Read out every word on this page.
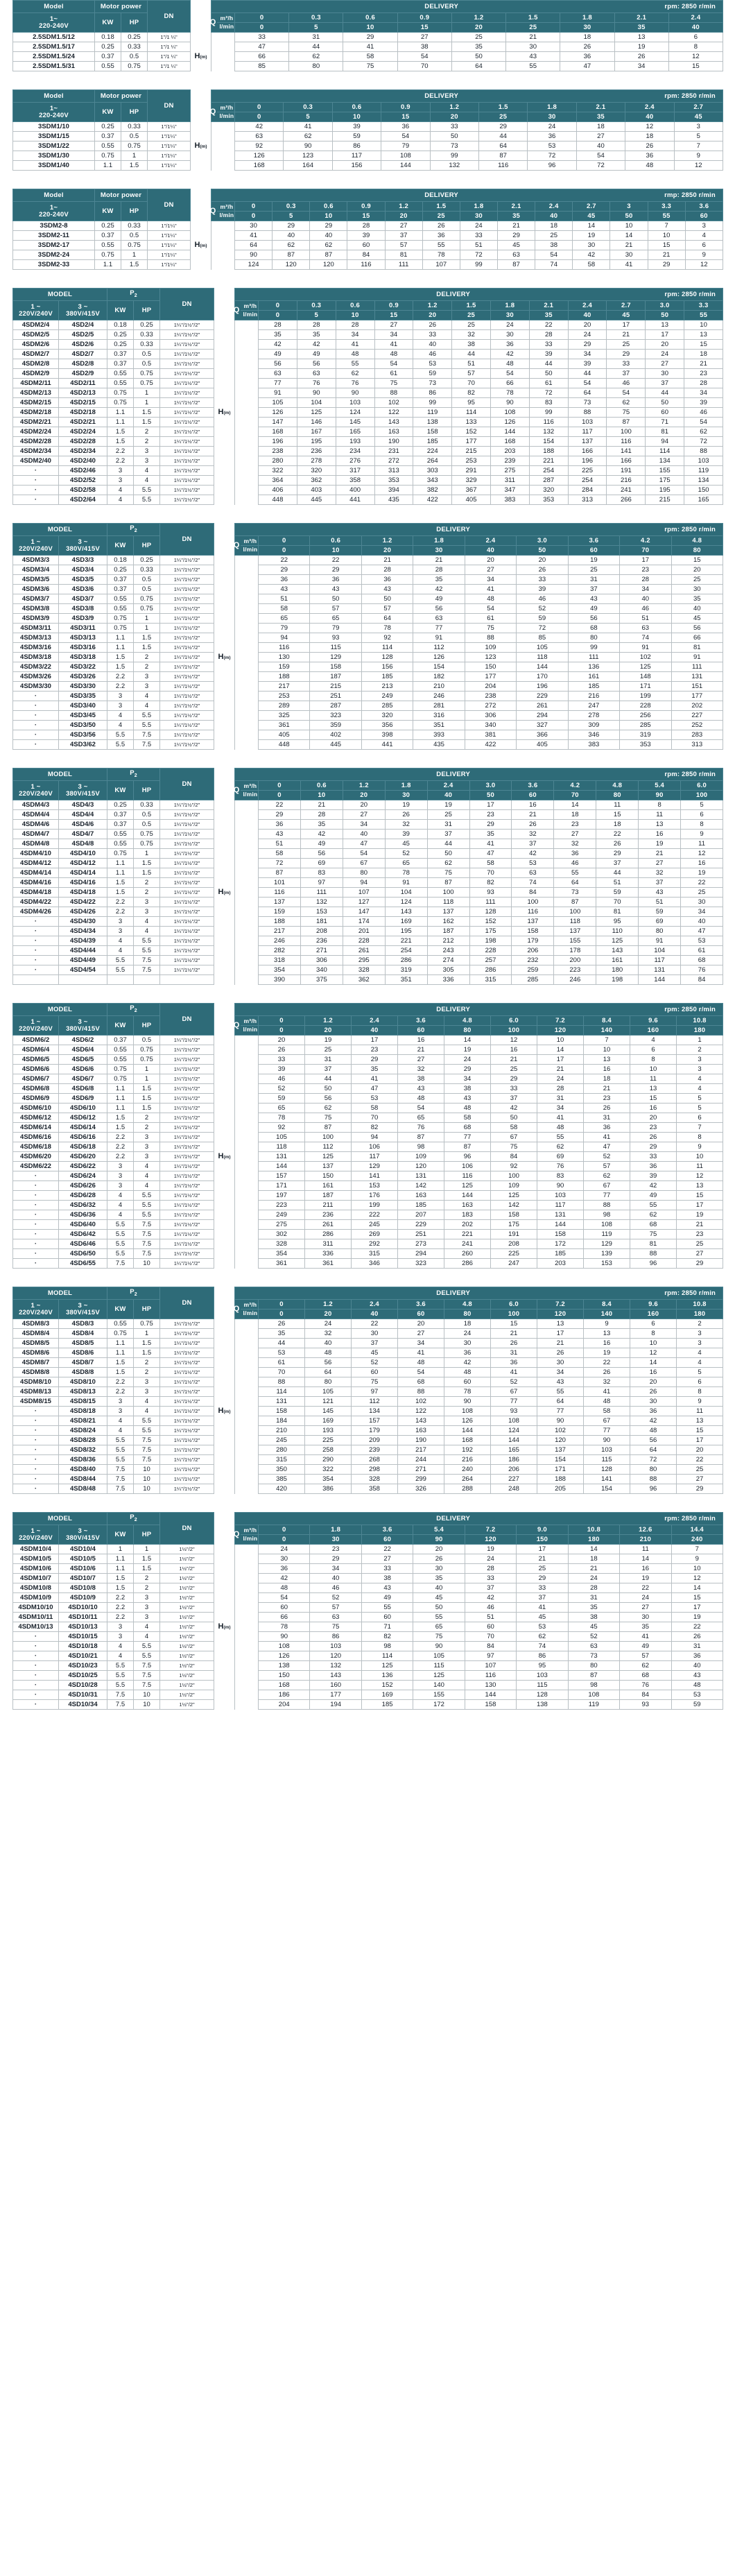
Model	Motor power		DN		DELIVERY rpm: 2850 r/min									

1~
220-240V	KW	HP			Q m³/h
l/min	0	0.3	0.6	0.9	1.2	1.5	1.8	2.1	2.4
						0	5	10	15	20	25	30	35	40
2.5SDM1.5/12	0.18	0.25	1"/1 ¼"			33	31	29	27	25	21	18	13	6
2.5SDM1.5/17	0.25	0.33	1"/1 ¼"			47	44	41	38	35	30	26	19	8
2.5SDM1.5/24	0.37	0.5	1"/1 ¼"	H(m)		66	62	58	54	50	43	36	26	12
2.5SDM1.5/31	0.55	0.75	1"/1 ¼"			85	80	75	70	64	55	47	34	15
Model	Motor power		DN		DELIVERY rpm: 2850 r/min										

1~
220-240V	KW	HP			Q m³/h
l/min	0	0.3	0.6	0.9	1.2	1.5	1.8	2.1	2.4	2.7
						0	5	10	15	20	25	30	35	40	45
3SDM1/10	0.25	0.33	1"/1¼"			42	41	39	36	33	29	24	18	12	3
3SDM1/15	0.37	0.5	1"/1¼"			63	62	59	54	50	44	36	27	18	5
3SDM1/22	0.55	0.75	1"/1¼"	H(m)		92	90	86	79	73	64	53	40	26	7
3SDM1/30	0.75	1	1"/1¼"			126	123	117	108	99	87	72	54	36	9
3SDM1/40	1.1	1.5	1"/1¼"			168	164	156	144	132	116	96	72	48	12
Model	Motor power		DN		DELIVERY rmp: 2850 r/min													

1~
220-240V	KW	HP			Q m³/h
l/min	0	0.3	0.6	0.9	1.2	1.5	1.8	2.1	2.4	2.7	3	3.3	3.6
						0	5	10	15	20	25	30	35	40	45	50	55	60
3SDM2-8	0.25	0.33	1"/1¼"			30	29	29	28	27	26	24	21	18	14	10	7	3
3SDM2-11	0.37	0.5	1"/1¼"			41	40	40	39	37	36	33	29	25	19	14	10	4
3SDM2-17	0.55	0.75	1"/1¼"	H(m)		64	62	62	60	57	55	51	45	38	30	21	15	6
3SDM2-24	0.75	1	1"/1¼"			90	87	87	84	81	78	72	63	54	42	30	21	9
3SDM2-33	1.1	1.5	1"/1¼"			124	120	120	116	111	107	99	87	74	58	41	29	12
MODEL		$P_2$		DN		DELIVERY rpm: 2850 r/min												

1 ~
220V/240V	3 ~
380V/415V	KW	HP			Q m³/h
l/min	0	0.3	0.6	0.9	1.2	1.5	1.8	2.1	2.4	2.7	3.0	3.3
							0	5	10	15	20	25	30	35	40	45	50	55
4SDM2/4	4SD2/4	0.18	0.25	1¼"/1½"/2"			28	28	28	27	26	25	24	22	20	17	13	10
4SDM2/5	4SD2/5	0.25	0.33	1¼"/1½"/2"			35	35	34	34	33	32	30	28	24	21	17	13
4SDM2/6	4SD2/6	0.25	0.33	1¼"/1½"/2"			42	42	41	41	40	38	36	33	29	25	20	15
4SDM2/7	4SD2/7	0.37	0.5	1¼"/1½"/2"			49	49	48	48	46	44	42	39	34	29	24	18
4SDM2/8	4SD2/8	0.37	0.5	1¼"/1½"/2"			56	56	55	54	53	51	48	44	39	33	27	21
4SDM2/9	4SD2/9	0.55	0.75	1¼"/1½"/2"			63	63	62	61	59	57	54	50	44	37	30	23
4SDM2/11	4SD2/11	0.55	0.75	1¼"/1½"/2"			77	76	76	75	73	70	66	61	54	46	37	28
4SDM2/13	4SD2/13	0.75	1	1¼"/1½"/2"			91	90	90	88	86	82	78	72	64	54	44	34
4SDM2/15	4SD2/15	0.75	1	1¼"/1½"/2"			105	104	103	102	99	95	90	83	73	62	50	39
4SDM2/18	4SD2/18	1.1	1.5	1¼"/1½"/2"	H(m)		126	125	124	122	119	114	108	99	88	75	60	46
4SDM2/21	4SD2/21	1.1	1.5	1¼"/1½"/2"			147	146	145	143	138	133	126	116	103	87	71	54
4SDM2/24	4SD2/24	1.5	2	1¼"/1½"/2"			168	167	165	163	158	152	144	132	117	100	81	62
4SDM2/28	4SD2/28	1.5	2	1¼"/1½"/2"			196	195	193	190	185	177	168	154	137	116	94	72
4SDM2/34	4SD2/34	2.2	3	1¼"/1½"/2"			238	236	234	231	224	215	203	188	166	141	114	88
4SDM2/40	4SD2/40	2.2	3	1¼"/1½"/2"			280	278	276	272	264	253	239	221	196	166	134	103
·	4SD2/46	3	4	1¼"/1½"/2"			322	320	317	313	303	291	275	254	225	191	155	119
·	4SD2/52	3	4	1¼"/1½"/2"			364	362	358	353	343	329	311	287	254	216	175	134
·	4SD2/58	4	5.5	1¼"/1½"/2"			406	403	400	394	382	367	347	320	284	241	195	150
·	4SD2/64	4	5.5	1¼"/1½"/2"			448	445	441	435	422	405	383	353	313	266	215	165
MODEL		$P_2$		DN		DELIVERY rpm: 2850 r/min									

1 ~
220V/240V	3 ~
380V/415V	KW	HP			Q m³/h
l/min	0	0.6	1.2	1.8	2.4	3.0	3.6	4.2	4.8
							0	10	20	30	40	50	60	70	80
4SDM3/3	4SD3/3	0.18	0.25	1¼"/1½"/2"			22	22	21	21	20	20	19	17	15
4SDM3/4	4SD3/4	0.25	0.33	1¼"/1½"/2"			29	29	28	28	27	26	25	23	20
4SDM3/5	4SD3/5	0.37	0.5	1¼"/1½"/2"			36	36	36	35	34	33	31	28	25
4SDM3/6	4SD3/6	0.37	0.5	1¼"/1½"/2"			43	43	43	42	41	39	37	34	30
4SDM3/7	4SD3/7	0.55	0.75	1¼"/1½"/2"			51	50	50	49	48	46	43	40	35
4SDM3/8	4SD3/8	0.55	0.75	1¼"/1½"/2"			58	57	57	56	54	52	49	46	40
4SDM3/9	4SD3/9	0.75	1	1¼"/1½"/2"			65	65	64	63	61	59	56	51	45
4SDM3/11	4SD3/11	0.75	1	1¼"/1½"/2"			79	79	78	77	75	72	68	63	56
4SDM3/13	4SD3/13	1.1	1.5	1¼"/1½"/2"			94	93	92	91	88	85	80	74	66
4SDM3/16	4SD3/16	1.1	1.5	1¼"/1½"/2"			116	115	114	112	109	105	99	91	81
4SDM3/18	4SD3/18	1.5	2	1¼"/1½"/2"	H(m)		130	129	128	126	123	118	111	102	91
4SDM3/22	4SD3/22	1.5	2	1¼"/1½"/2"			159	158	156	154	150	144	136	125	111
4SDM3/26	4SD3/26	2.2	3	1¼"/1½"/2"			188	187	185	182	177	170	161	148	131
4SDM3/30	4SD3/30	2.2	3	1¼"/1½"/2"			217	215	213	210	204	196	185	171	151
·	4SD3/35	3	4	1¼"/1½"/2"			253	251	249	246	238	229	216	199	177
·	4SD3/40	3	4	1¼"/1½"/2"			289	287	285	281	272	261	247	228	202
·	4SD3/45	4	5.5	1¼"/1½"/2"			325	323	320	316	306	294	278	256	227
·	4SD3/50	4	5.5	1¼"/1½"/2"			361	359	356	351	340	327	309	285	252
·	4SD3/56	5.5	7.5	1¼"/1½"/2"			405	402	398	393	381	366	346	319	283
·	4SD3/62	5.5	7.5	1¼"/1½"/2"			448	445	441	435	422	405	383	353	313
MODEL		$P_2$		DN		DELIVERY rpm: 2850 r/min											

1 ~
220V/240V	3 ~
380V/415V	KW	HP			Q m³/h
l/min	0	0.6	1.2	1.8	2.4	3.0	3.6	4.2	4.8	5.4	6.0
							0	10	20	30	40	50	60	70	80	90	100
4SDM4/3	4SD4/3	0.25	0.33	1¼"/1½"/2"			22	21	20	19	19	17	16	14	11	8	5
4SDM4/4	4SD4/4	0.37	0.5	1¼"/1½"/2"			29	28	27	26	25	23	21	18	15	11	6
4SDM4/6	4SD4/6	0.37	0.5	1¼"/1½"/2"			36	35	34	32	31	29	26	23	18	13	8
4SDM4/7	4SD4/7	0.55	0.75	1¼"/1½"/2"			43	42	40	39	37	35	32	27	22	16	9
4SDM4/8	4SD4/8	0.55	0.75	1¼"/1½"/2"			51	49	47	45	44	41	37	32	26	19	11
4SDM4/10	4SD4/10	0.75	1	1¼"/1½"/2"			58	56	54	52	50	47	42	36	29	21	12
4SDM4/12	4SD4/12	1.1	1.5	1¼"/1½"/2"			72	69	67	65	62	58	53	46	37	27	16
4SDM4/14	4SD4/14	1.1	1.5	1¼"/1½"/2"			87	83	80	78	75	70	63	55	44	32	19
4SDM4/16	4SD4/16	1.5	2	1¼"/1½"/2"			101	97	94	91	87	82	74	64	51	37	22
4SDM4/18	4SD4/18	1.5	2	1¼"/1½"/2"	H(m)		116	111	107	104	100	93	84	73	59	43	25
4SDM4/22	4SD4/22	2.2	3	1¼"/1½"/2"			137	132	127	124	118	111	100	87	70	51	30
4SDM4/26	4SD4/26	2.2	3	1¼"/1½"/2"			159	153	147	143	137	128	116	100	81	59	34
·	4SD4/30	3	4	1¼"/1½"/2"			188	181	174	169	162	152	137	118	95	69	40
·	4SD4/34	3	4	1¼"/1½"/2"			217	208	201	195	187	175	158	137	110	80	47
·	4SD4/39	4	5.5	1¼"/1½"/2"			246	236	228	221	212	198	179	155	125	91	53
·	4SD4/44	4	5.5	1¼"/1½"/2"			282	271	261	254	243	228	206	178	143	104	61
·	4SD4/49	5.5	7.5	1¼"/1½"/2"			318	306	295	286	274	257	232	200	161	117	68
·	4SD4/54	5.5	7.5	1¼"/1½"/2"			354	340	328	319	305	286	259	223	180	131	76
							390	375	362	351	336	315	285	246	198	144	84
MODEL		$P_2$		DN		DELIVERY rpm: 2850 r/min										

1 ~
220V/240V	3 ~
380V/415V	KW	HP			Q m³/h
l/min	0	1.2	2.4	3.6	4.8	6.0	7.2	8.4	9.6	10.8
							0	20	40	60	80	100	120	140	160	180
4SDM6/2	4SD6/2	0.37	0.5	1¼"/1½"/2"			20	19	17	16	14	12	10	7	4	1
4SDM6/4	4SD6/4	0.55	0.75	1¼"/1½"/2"			26	25	23	21	19	16	14	10	6	2
4SDM6/5	4SD6/5	0.55	0.75	1¼"/1½"/2"			33	31	29	27	24	21	17	13	8	3
4SDM6/6	4SD6/6	0.75	1	1¼"/1½"/2"			39	37	35	32	29	25	21	16	10	3
4SDM6/7	4SD6/7	0.75	1	1¼"/1½"/2"			46	44	41	38	34	29	24	18	11	4
4SDM6/8	4SD6/8	1.1	1.5	1¼"/1½"/2"			52	50	47	43	38	33	28	21	13	4
4SDM6/9	4SD6/9	1.1	1.5	1¼"/1½"/2"			59	56	53	48	43	37	31	23	15	5
4SDM6/10	4SD6/10	1.1	1.5	1¼"/1½"/2"			65	62	58	54	48	42	34	26	16	5
4SDM6/12	4SD6/12	1.5	2	1¼"/1½"/2"			78	75	70	65	58	50	41	31	20	6
4SDM6/14	4SD6/14	1.5	2	1¼"/1½"/2"			92	87	82	76	68	58	48	36	23	7
4SDM6/16	4SD6/16	2.2	3	1¼"/1½"/2"			105	100	94	87	77	67	55	41	26	8
4SDM6/18	4SD6/18	2.2	3	1¼"/1½"/2"			118	112	106	98	87	75	62	47	29	9
4SDM6/20	4SD6/20	2.2	3	1¼"/1½"/2"	H(m)		131	125	117	109	96	84	69	52	33	10
4SDM6/22	4SD6/22	3	4	1¼"/1½"/2"			144	137	129	120	106	92	76	57	36	11
·	4SD6/24	3	4	1¼"/1½"/2"			157	150	141	131	116	100	83	62	39	12
·	4SD6/26	3	4	1¼"/1½"/2"			171	161	153	142	125	109	90	67	42	13
·	4SD6/28	4	5.5	1¼"/1½"/2"			197	187	176	163	144	125	103	77	49	15
·	4SD6/32	4	5.5	1¼"/1½"/2"			223	211	199	185	163	142	117	88	55	17
·	4SD6/36	4	5.5	1¼"/1½"/2"			249	236	222	207	183	158	131	98	62	19
·	4SD6/40	5.5	7.5	1¼"/1½"/2"			275	261	245	229	202	175	144	108	68	21
·	4SD6/42	5.5	7.5	1¼"/1½"/2"			302	286	269	251	221	191	158	119	75	23
·	4SD6/46	5.5	7.5	1¼"/1½"/2"			328	311	292	273	241	208	172	129	81	25
·	4SD6/50	5.5	7.5	1¼"/1½"/2"			354	336	315	294	260	225	185	139	88	27
·	4SD6/55	7.5	10	1¼"/1½"/2"			361	361	346	323	286	247	203	153	96	29
MODEL		$P_2$		DN		DELIVERY rpm: 2850 r/min										

1 ~
220V/240V	3 ~
380V/415V	KW	HP			Q m³/h
l/min	0	1.2	2.4	3.6	4.8	6.0	7.2	8.4	9.6	10.8
							0	20	40	60	80	100	120	140	160	180
4SDM8/3	4SD8/3	0.55	0.75	1¼"/1½"/2"			26	24	22	20	18	15	13	9	6	2
4SDM8/4	4SD8/4	0.75	1	1¼"/1½"/2"			35	32	30	27	24	21	17	13	8	3
4SDM8/5	4SD8/5	1.1	1.5	1¼"/1½"/2"			44	40	37	34	30	26	21	16	10	3
4SDM8/6	4SD8/6	1.1	1.5	1¼"/1½"/2"			53	48	45	41	36	31	26	19	12	4
4SDM8/7	4SD8/7	1.5	2	1¼"/1½"/2"			61	56	52	48	42	36	30	22	14	4
4SDM8/8	4SD8/8	1.5	2	1¼"/1½"/2"			70	64	60	54	48	41	34	26	16	5
4SDM8/10	4SD8/10	2.2	3	1¼"/1½"/2"			88	80	75	68	60	52	43	32	20	6
4SDM8/13	4SD8/13	2.2	3	1¼"/1½"/2"			114	105	97	88	78	67	55	41	26	8
4SDM8/15	4SD8/15	3	4	1¼"/1½"/2"			131	121	112	102	90	77	64	48	30	9
·	4SD8/18	3	4	1¼"/1½"/2"	H(m)		158	145	134	122	108	93	77	58	36	11
·	4SD8/21	4	5.5	1¼"/1½"/2"			184	169	157	143	126	108	90	67	42	13
·	4SD8/24	4	5.5	1¼"/1½"/2"			210	193	179	163	144	124	102	77	48	15
·	4SD8/28	5.5	7.5	1¼"/1½"/2"			245	225	209	190	168	144	120	90	56	17
·	4SD8/32	5.5	7.5	1¼"/1½"/2"			280	258	239	217	192	165	137	103	64	20
·	4SD8/36	5.5	7.5	1¼"/1½"/2"			315	290	268	244	216	186	154	115	72	22
·	4SD8/40	7.5	10	1¼"/1½"/2"			350	322	298	271	240	206	171	128	80	25
·	4SD8/44	7.5	10	1¼"/1½"/2"			385	354	328	299	264	227	188	141	88	27
·	4SD8/48	7.5	10	1¼"/1½"/2"			420	386	358	326	288	248	205	154	96	29
MODEL		$P_2$		DN		DELIVERY rpm: 2850 r/min									

1 ~
220V/240V	3 ~
380V/415V	KW	HP			Q m³/h
l/min	0	1.8	3.6	5.4	7.2	9.0	10.8	12.6	14.4
							0	30	60	90	120	150	180	210	240
4SDM10/4	4SD10/4	1	1	1½"/2"			24	23	22	20	19	17	14	11	7
4SDM10/5	4SD10/5	1.1	1.5	1½"/2"			30	29	27	26	24	21	18	14	9
4SDM10/6	4SD10/6	1.1	1.5	1½"/2"			36	34	33	30	28	25	21	16	10
4SDM10/7	4SD10/7	1.5	2	1½"/2"			42	40	38	35	33	29	24	19	12
4SDM10/8	4SD10/8	1.5	2	1½"/2"			48	46	43	40	37	33	28	22	14
4SDM10/9	4SD10/9	2.2	3	1½"/2"			54	52	49	45	42	37	31	24	15
4SDM10/10	4SD10/10	2.2	3	1½"/2"			60	57	55	50	46	41	35	27	17
4SDM10/11	4SD10/11	2.2	3	1½"/2"			66	63	60	55	51	45	38	30	19
4SDM10/13	4SD10/13	3	4	1½"/2"	H(m)		78	75	71	65	60	53	45	35	22
·	4SD10/15	3	4	1½"/2"			90	86	82	75	70	62	52	41	26
·	4SD10/18	4	5.5	1½"/2"			108	103	98	90	84	74	63	49	31
·	4SD10/21	4	5.5	1½"/2"			126	120	114	105	97	86	73	57	36
·	4SD10/23	5.5	7.5	1½"/2"			138	132	125	115	107	95	80	62	40
·	4SD10/25	5.5	7.5	1½"/2"			150	143	136	125	116	103	87	68	43
·	4SD10/28	5.5	7.5	1½"/2"			168	160	152	140	130	115	98	76	48
·	4SD10/31	7.5	10	1½"/2"			186	177	169	155	144	128	108	84	53
·	4SD10/34	7.5	10	1½"/2"			204	194	185	172	158	138	119	93	59
